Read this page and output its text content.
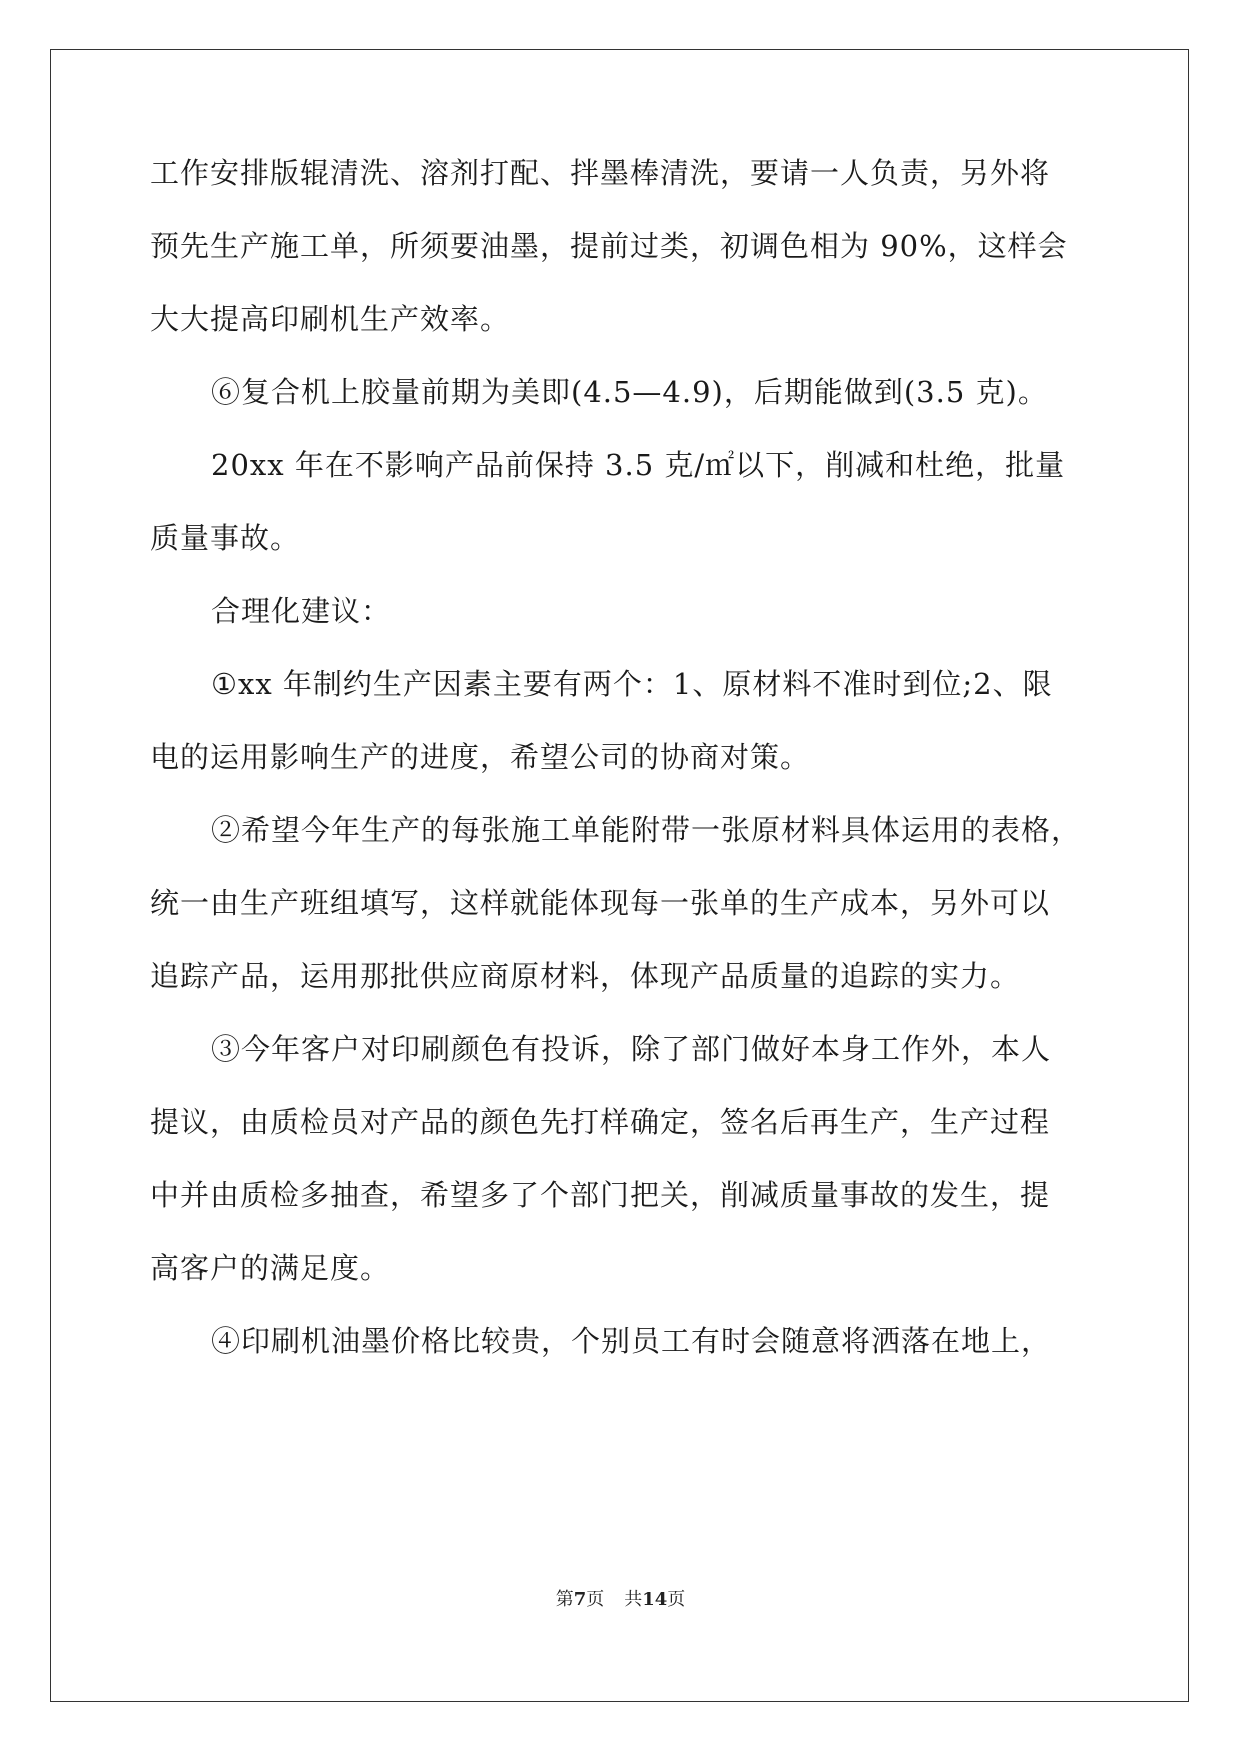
工作安排版辊清洗、溶剂打配、拌墨棒清洗，要请一人负责，另外将
预先生产施工单，所须要油墨，提前过类，初调色相为 90%，这样会
大大提高印刷机生产效率。
⑥复合机上胶量前期为美即(4.5—4.9)，后期能做到(3.5 克)。
20xx 年在不影响产品前保持 3.5 克/㎡以下，削减和杜绝，批量
质量事故。
合理化建议：
①xx 年制约生产因素主要有两个：1、原材料不准时到位;2、限
电的运用影响生产的进度，希望公司的协商对策。
②希望今年生产的每张施工单能附带一张原材料具体运用的表格，
统一由生产班组填写，这样就能体现每一张单的生产成本，另外可以
追踪产品，运用那批供应商原材料，体现产品质量的追踪的实力。
③今年客户对印刷颜色有投诉，除了部门做好本身工作外，本人
提议，由质检员对产品的颜色先打样确定，签名后再生产，生产过程
中并由质检多抽查，希望多了个部门把关，削减质量事故的发生，提
高客户的满足度。
④印刷机油墨价格比较贵，个别员工有时会随意将洒落在地上，
第7页 共14页
